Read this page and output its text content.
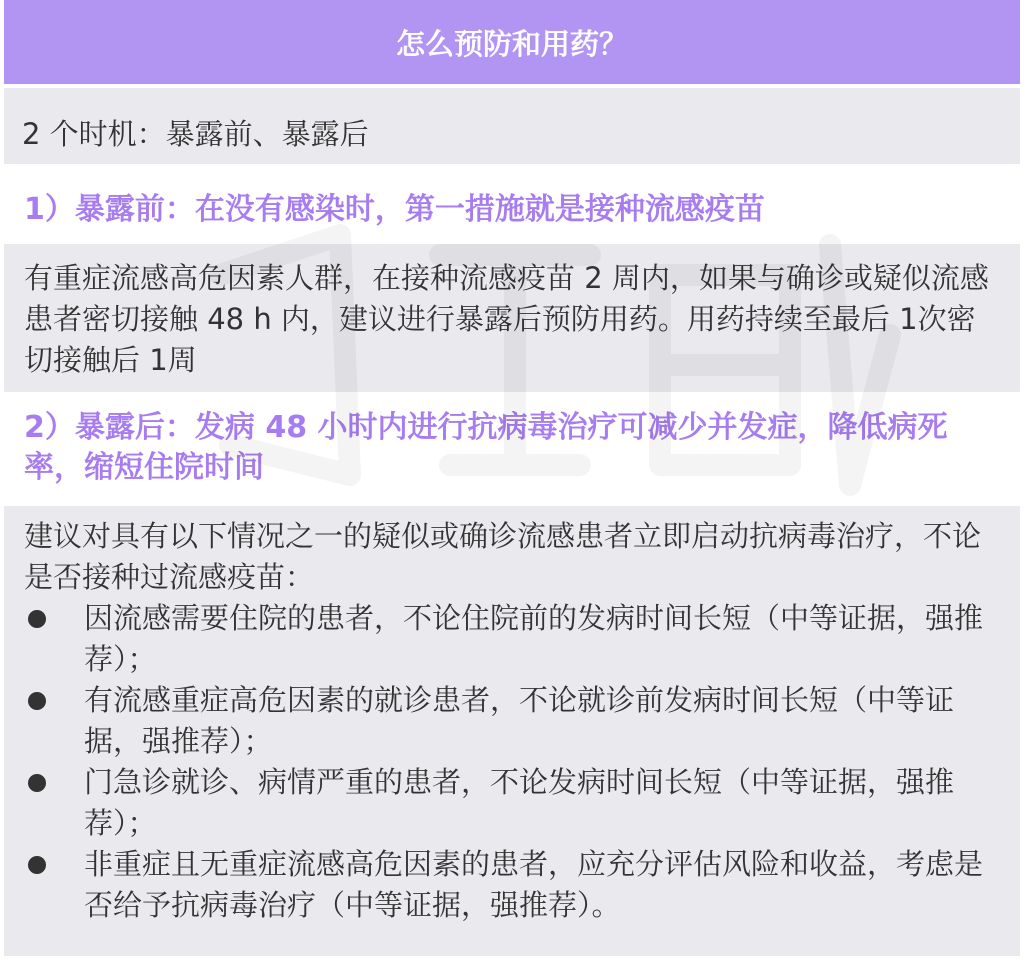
怎么预防和用药？
2 个时机：暴露前、暴露后
1）暴露前：在没有感染时，第一措施就是接种流感疫苗
有重症流感高危因素人群，在接种流感疫苗 2 周内，如果与确诊或疑似流感患者密切接触 48 h 内，建议进行暴露后预防用药。用药持续至最后 1次密切接触后 1周
2）暴露后：发病 48 小时内进行抗病毒治疗可减少并发症，降低病死率，缩短住院时间
建议对具有以下情况之一的疑似或确诊流感患者立即启动抗病毒治疗，不论是否接种过流感疫苗：
因流感需要住院的患者，不论住院前的发病时间长短（中等证据，强推荐）；
有流感重症高危因素的就诊患者，不论就诊前发病时间长短（中等证据，强推荐）；
门急诊就诊、病情严重的患者，不论发病时间长短（中等证据，强推荐）；
非重症且无重症流感高危因素的患者，应充分评估风险和收益，考虑是否给予抗病毒治疗（中等证据，强推荐）。
